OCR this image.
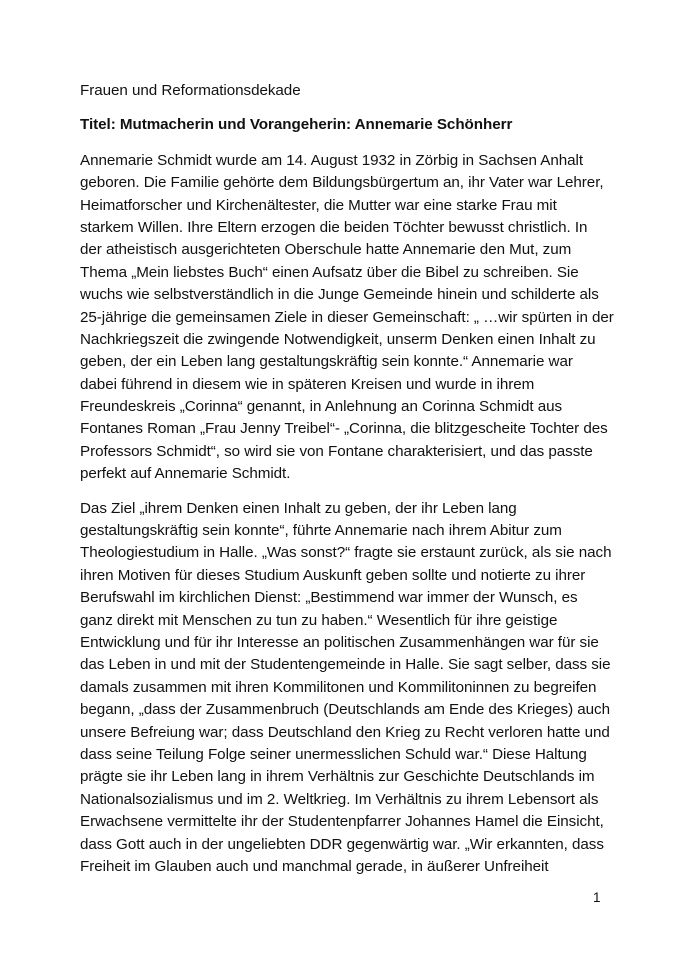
Frauen und Reformationsdekade
Titel: Mutmacherin und Vorangeherin: Annemarie Schönherr
Annemarie Schmidt wurde am 14. August 1932 in Zörbig in Sachsen Anhalt
geboren. Die Familie gehörte dem Bildungsbürgertum an, ihr Vater war Lehrer,
Heimatforscher und Kirchenältester, die Mutter war eine starke Frau mit
starkem Willen. Ihre Eltern erzogen die beiden Töchter bewusst christlich. In
der atheistisch ausgerichteten Oberschule hatte Annemarie den Mut, zum
Thema „Mein liebstes Buch“ einen Aufsatz über die Bibel zu schreiben. Sie
wuchs wie selbstverständlich in die Junge Gemeinde hinein und schilderte als
25-jährige die gemeinsamen Ziele in dieser Gemeinschaft: „ …wir spürten in der
Nachkriegszeit die zwingende Notwendigkeit, unserm Denken einen Inhalt zu
geben, der ein Leben lang gestaltungskräftig sein konnte.“ Annemarie war
dabei führend in diesem wie in späteren Kreisen und wurde in ihrem
Freundeskreis „Corinna“ genannt, in Anlehnung an Corinna Schmidt aus
Fontanes Roman „Frau Jenny Treibel“- „Corinna, die blitzgescheite Tochter des
Professors Schmidt“, so wird sie von Fontane charakterisiert, und das passte
perfekt auf Annemarie Schmidt.
Das Ziel „ihrem Denken einen Inhalt zu geben, der ihr Leben lang
gestaltungskräftig sein konnte“, führte Annemarie nach ihrem Abitur zum
Theologiestudium in Halle. „Was sonst?“ fragte sie erstaunt zurück, als sie nach
ihren Motiven für dieses Studium Auskunft geben sollte und notierte zu ihrer
Berufswahl im kirchlichen Dienst: „Bestimmend war immer der Wunsch, es
ganz direkt mit Menschen zu tun zu haben.“ Wesentlich für ihre geistige
Entwicklung und für ihr Interesse an politischen Zusammenhängen war für sie
das Leben in und mit der Studentengemeinde in Halle. Sie sagt selber, dass sie
damals zusammen mit ihren Kommilitonen und Kommilitoninnen zu begreifen
begann, „dass der Zusammenbruch (Deutschlands am Ende des Krieges) auch
unsere Befreiung war; dass Deutschland den Krieg zu Recht verloren hatte und
dass seine Teilung Folge seiner unermesslichen Schuld war.“ Diese Haltung
prägte sie ihr Leben lang in ihrem Verhältnis zur Geschichte Deutschlands im
Nationalsozialismus und im 2. Weltkrieg. Im Verhältnis zu ihrem Lebensort als
Erwachsene vermittelte ihr der Studentenpfarrer Johannes Hamel die Einsicht,
dass Gott auch in der ungeliebten DDR gegenwärtig war. „Wir erkannten, dass
Freiheit im Glauben auch und manchmal gerade, in äußerer Unfreiheit
1
